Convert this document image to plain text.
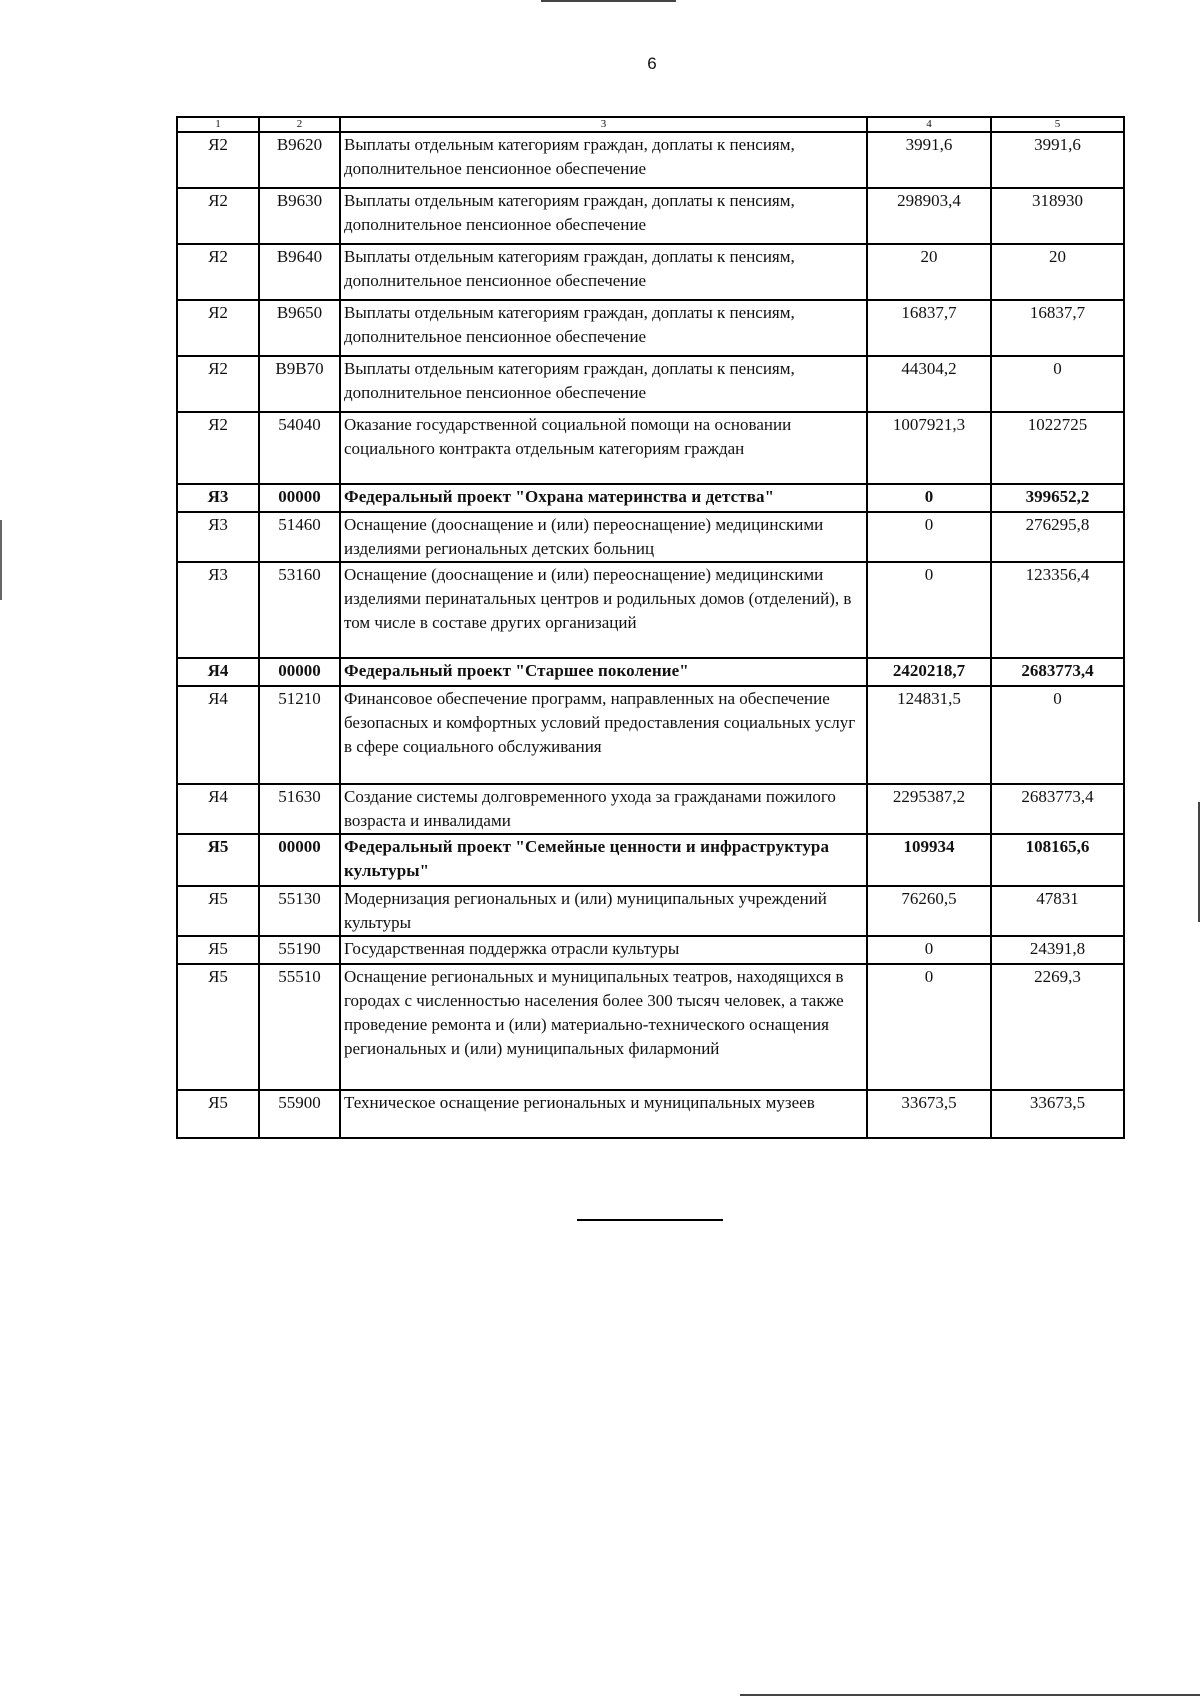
6
1	2	3	4	5
Я2	В9620	Выплаты отдельным категориям граждан, доплаты к пенсиям, дополнительное пенсионное обеспечение	3991,6	3991,6
Я2	В9630	Выплаты отдельным категориям граждан, доплаты к пенсиям, дополнительное пенсионное обеспечение	298903,4	318930
Я2	В9640	Выплаты отдельным категориям граждан, доплаты к пенсиям, дополнительное пенсионное обеспечение	20	20
Я2	В9650	Выплаты отдельным категориям граждан, доплаты к пенсиям, дополнительное пенсионное обеспечение	16837,7	16837,7
Я2	В9В70	Выплаты отдельным категориям граждан, доплаты к пенсиям, дополнительное пенсионное обеспечение	44304,2	0
Я2	54040	Оказание государственной социальной помощи на основании социального контракта отдельным категориям граждан	1007921,3	1022725
Я3	00000	Федеральный проект "Охрана материнства и детства"	0	399652,2
Я3	51460	Оснащение (дооснащение и (или) переоснащение) медицинскими изделиями региональных детских больниц	0	276295,8
Я3	53160	Оснащение (дооснащение и (или) переоснащение) медицинскими изделиями перинатальных центров и родильных домов (отделений), в том числе в составе других организаций	0	123356,4
Я4	00000	Федеральный проект "Старшее поколение"	2420218,7	2683773,4
Я4	51210	Финансовое обеспечение программ, направленных на обеспечение безопасных и комфортных условий предоставления социальных услуг в сфере социального обслуживания	124831,5	0
Я4	51630	Создание системы долговременного ухода за гражданами пожилого возраста и инвалидами	2295387,2	2683773,4
Я5	00000	Федеральный проект "Семейные ценности и инфраструктура культуры"	109934	108165,6
Я5	55130	Модернизация региональных и (или) муниципальных учреждений культуры	76260,5	47831
Я5	55190	Государственная поддержка отрасли культуры	0	24391,8
Я5	55510	Оснащение региональных и муниципальных театров, находящихся в городах с численностью населения более 300 тысяч человек, а также проведение ремонта и (или) материально-технического оснащения региональных и (или) муниципальных филармоний	0	2269,3
Я5	55900	Техническое оснащение региональных и муниципальных музеев	33673,5	33673,5
